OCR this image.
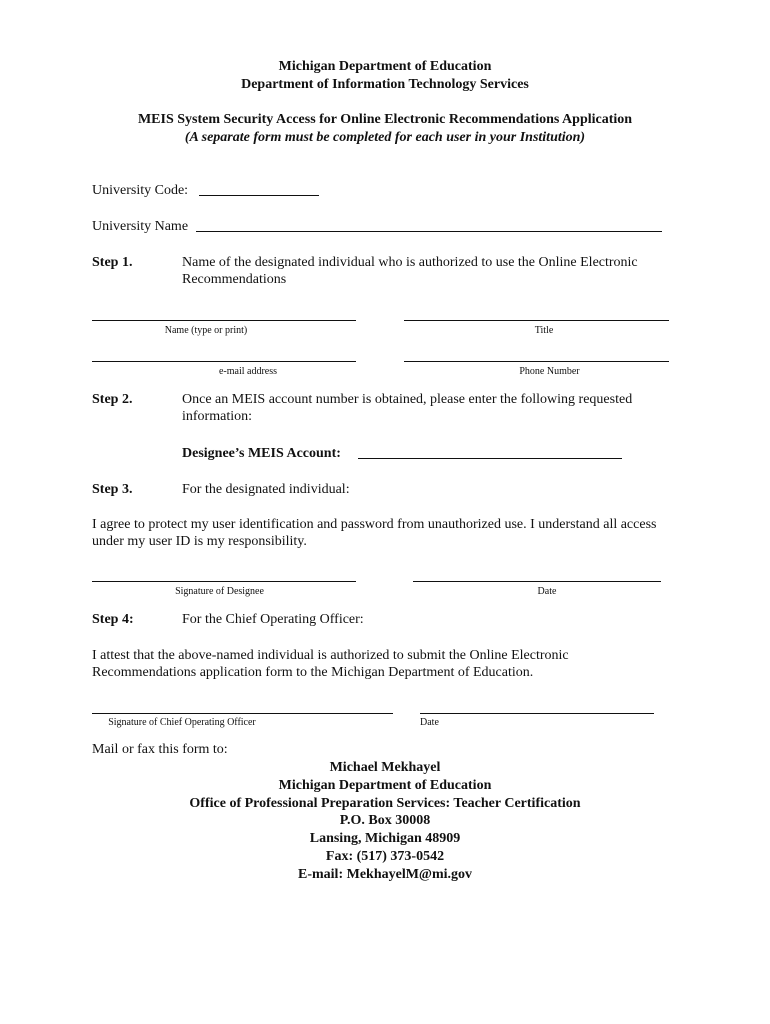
Michigan Department of Education
Department of Information Technology Services
MEIS System Security Access for Online Electronic Recommendations Application
(A separate form must be completed for each user in your Institution)
University Code:
University Name
Step 1.	Name of the designated individual who is authorized to use the Online Electronic Recommendations
Name (type or print)	Title
e-mail address	Phone Number
Step 2.	Once an MEIS account number is obtained, please enter the following requested information:
Designee’s MEIS Account:
Step 3.	For the designated individual:
I agree to protect my user identification and password from unauthorized use. I understand all access under my user ID is my responsibility.
Signature of Designee	Date
Step 4:	For the Chief Operating Officer:
I attest that the above-named individual is authorized to submit the Online Electronic Recommendations application form to the Michigan Department of Education.
Signature of Chief Operating Officer	Date
Mail or fax this form to:
Michael Mekhayel
Michigan Department of Education
Office of Professional Preparation Services: Teacher Certification
P.O. Box 30008
Lansing, Michigan 48909
Fax: (517) 373-0542
E-mail: MekhayelM@mi.gov
